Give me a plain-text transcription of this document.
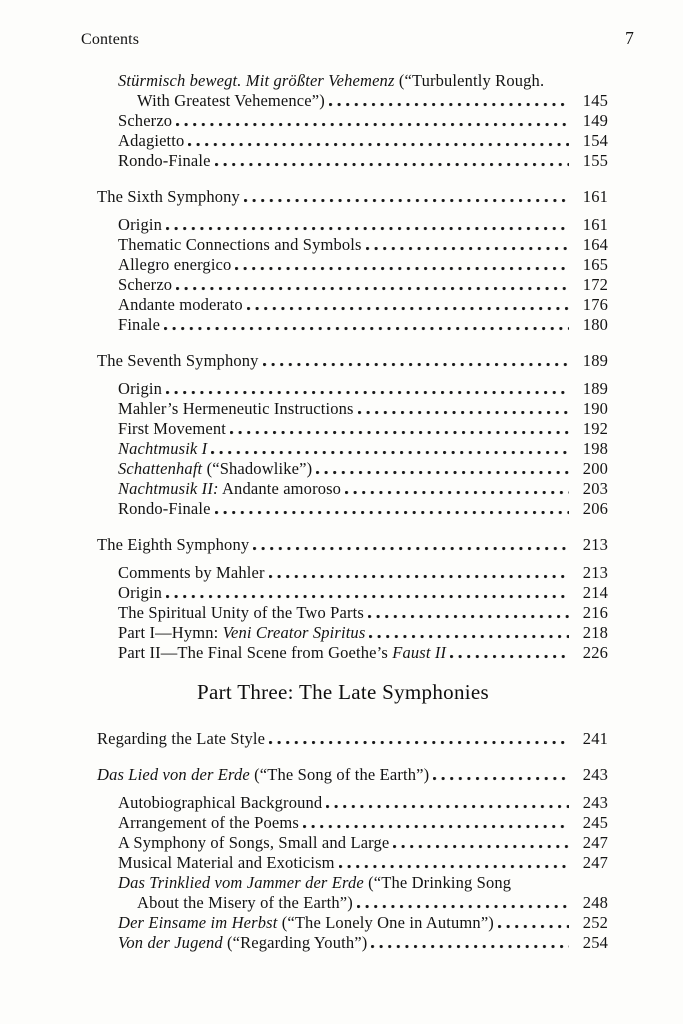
Contents	7
Stürmisch bewegt. Mit größter Vehemenz (“Turbulently Rough.
With Greatest Vehemence”)	145
Scherzo	149
Adagietto	154
Rondo-Finale	155
The Sixth Symphony	161
Origin	161
Thematic Connections and Symbols	164
Allegro energico	165
Scherzo	172
Andante moderato	176
Finale	180
The Seventh Symphony	189
Origin	189
Mahler’s Hermeneutic Instructions	190
First Movement	192
Nachtmusik I	198
Schattenhaft (“Shadowlike”)	200
Nachtmusik II: Andante amoroso	203
Rondo-Finale	206
The Eighth Symphony	213
Comments by Mahler	213
Origin	214
The Spiritual Unity of the Two Parts	216
Part I—Hymn: Veni Creator Spiritus	218
Part II—The Final Scene from Goethe’s Faust II	226
Part Three: The Late Symphonies
Regarding the Late Style	241
Das Lied von der Erde (“The Song of the Earth”)	243
Autobiographical Background	243
Arrangement of the Poems	245
A Symphony of Songs, Small and Large	247
Musical Material and Exoticism	247
Das Trinklied vom Jammer der Erde (“The Drinking Song
About the Misery of the Earth”)	248
Der Einsame im Herbst (“The Lonely One in Autumn”)	252
Von der Jugend (“Regarding Youth”)	254
